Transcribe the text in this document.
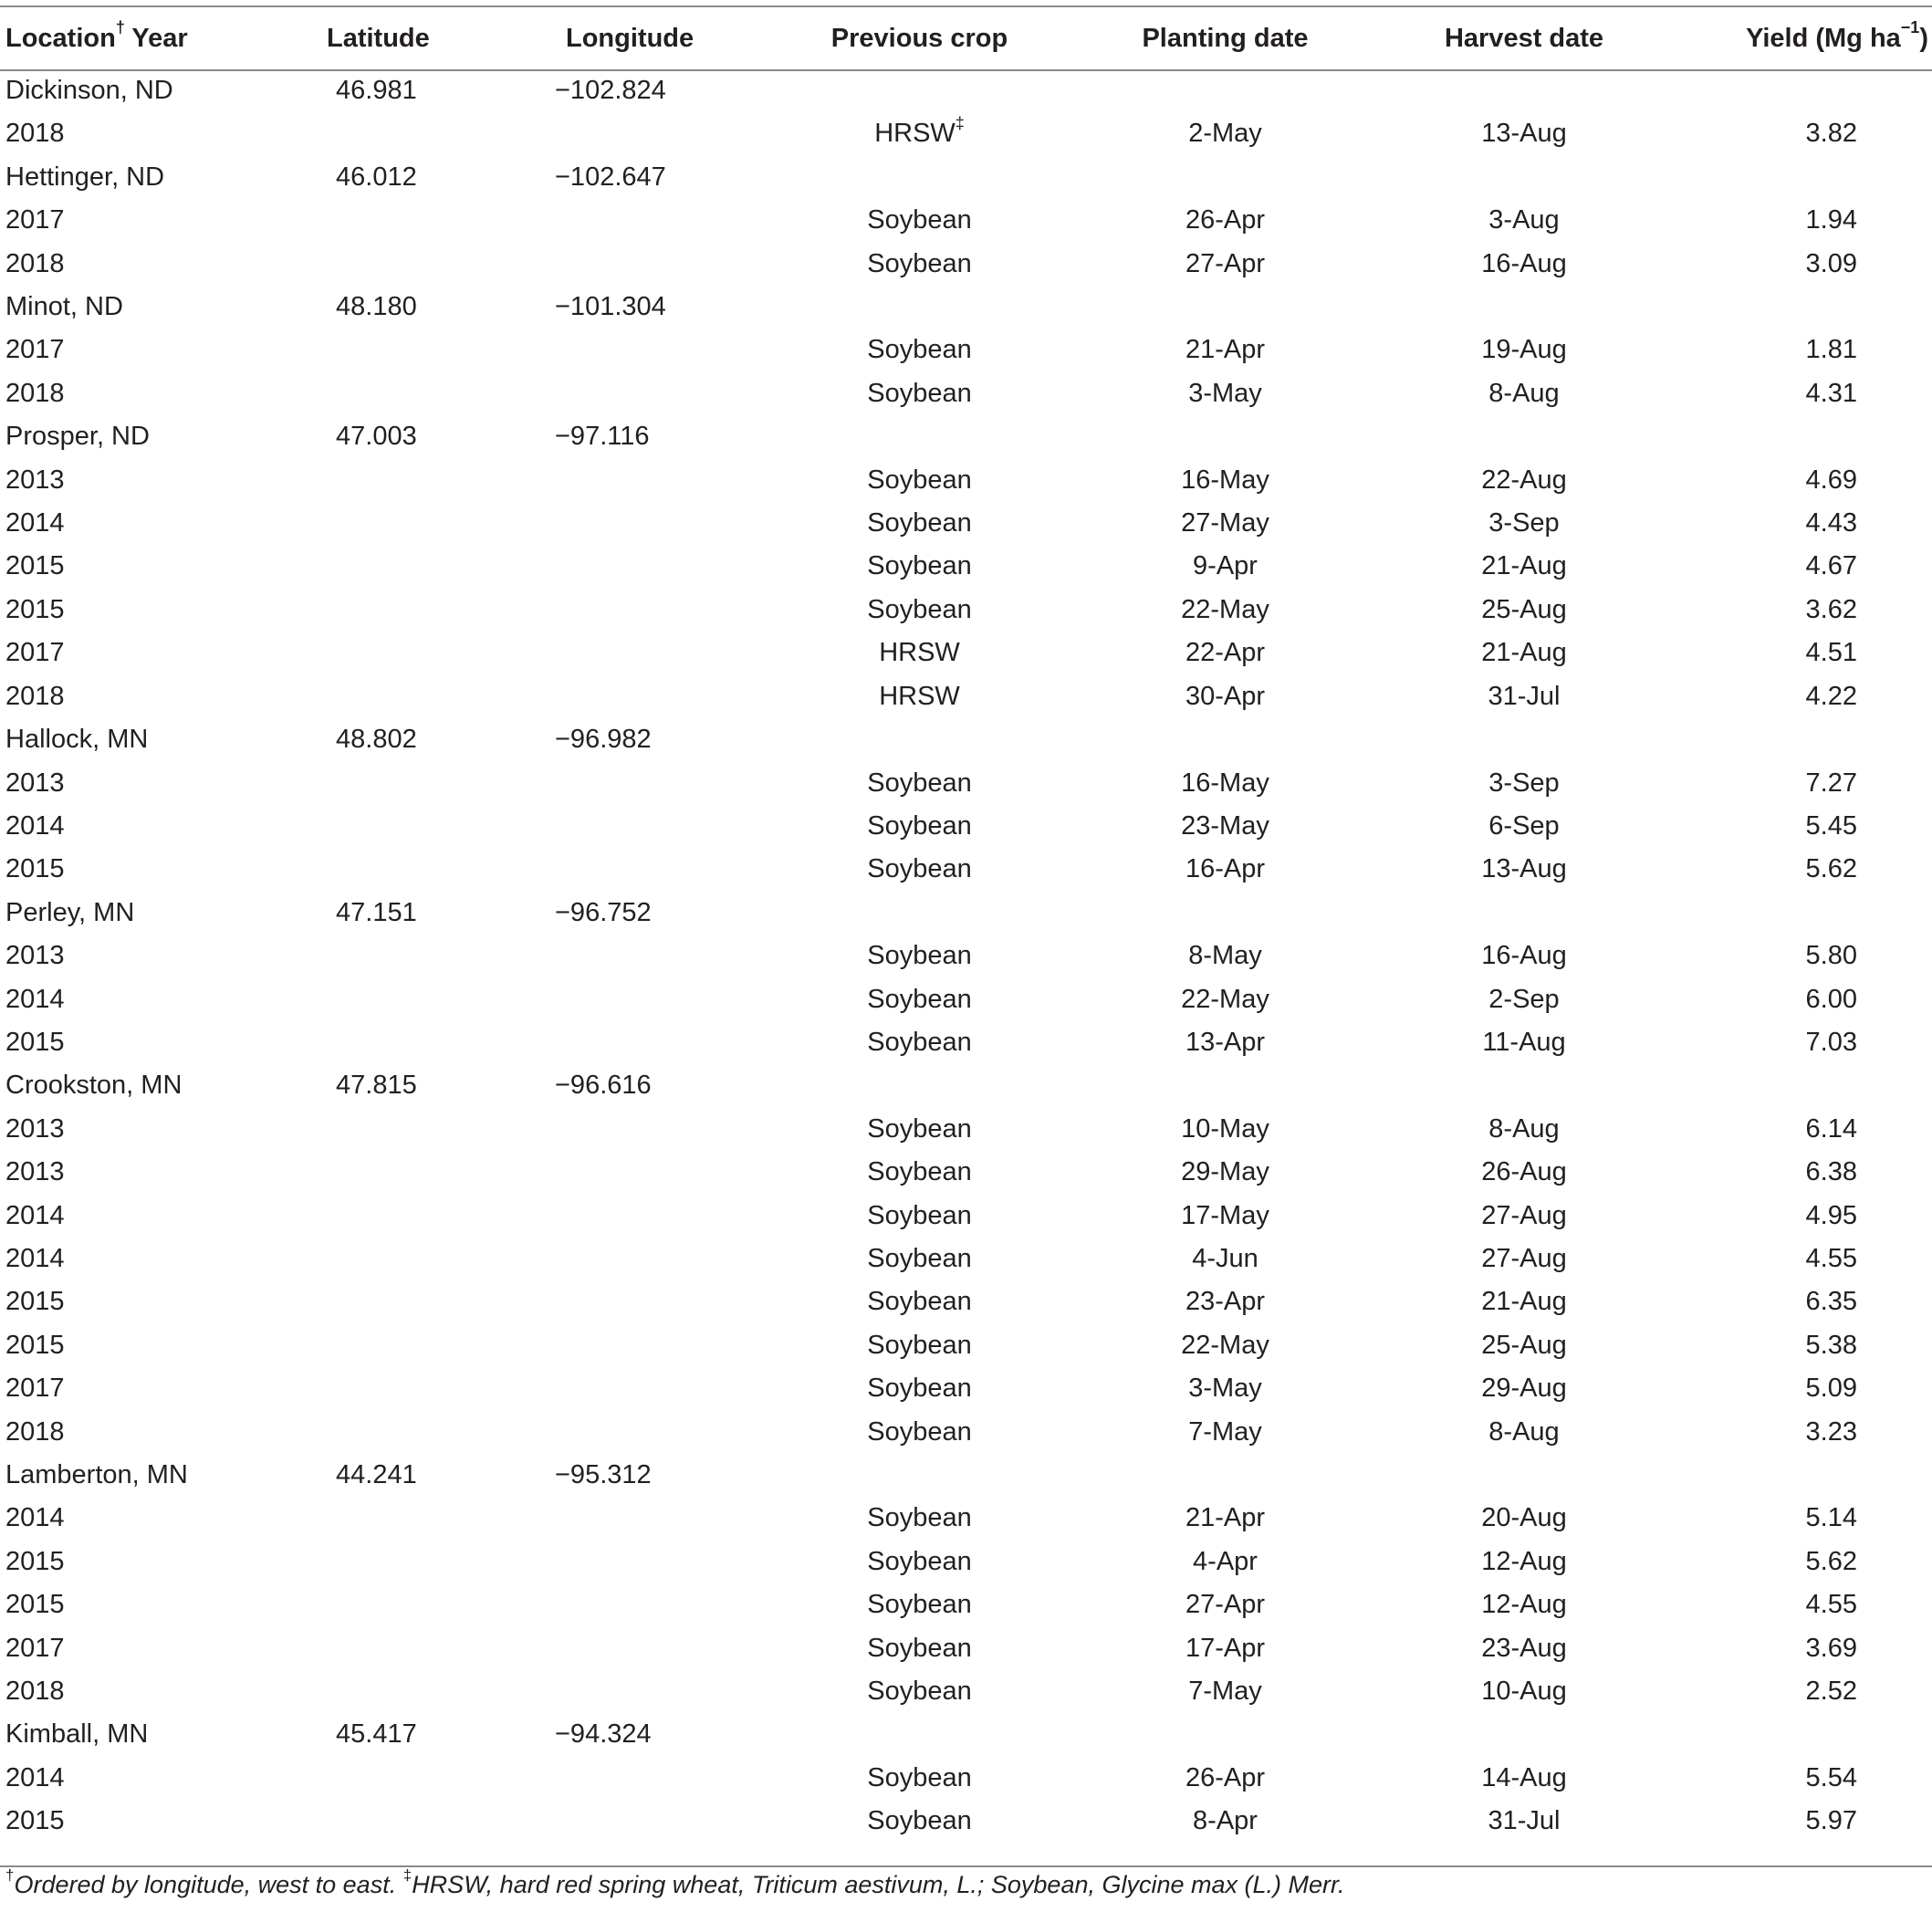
Location† Year	Latitude	Longitude	Previous crop	Planting date	Harvest date	Yield (Mg $ha^{-1}$)
Dickinson, ND	46.981	−102.824				
2018			HRSW‡	2-May	13-Aug	3.82
Hettinger, ND	46.012	−102.647				
2017			Soybean	26-Apr	3-Aug	1.94
2018			Soybean	27-Apr	16-Aug	3.09
Minot, ND	48.180	−101.304				
2017			Soybean	21-Apr	19-Aug	1.81
2018			Soybean	3-May	8-Aug	4.31
Prosper, ND	47.003	−97.116				
2013			Soybean	16-May	22-Aug	4.69
2014			Soybean	27-May	3-Sep	4.43
2015			Soybean	9-Apr	21-Aug	4.67
2015			Soybean	22-May	25-Aug	3.62
2017			HRSW	22-Apr	21-Aug	4.51
2018			HRSW	30-Apr	31-Jul	4.22
Hallock, MN	48.802	−96.982				
2013			Soybean	16-May	3-Sep	7.27
2014			Soybean	23-May	6-Sep	5.45
2015			Soybean	16-Apr	13-Aug	5.62
Perley, MN	47.151	−96.752				
2013			Soybean	8-May	16-Aug	5.80
2014			Soybean	22-May	2-Sep	6.00
2015			Soybean	13-Apr	11-Aug	7.03
Crookston, MN	47.815	−96.616				
2013			Soybean	10-May	8-Aug	6.14
2013			Soybean	29-May	26-Aug	6.38
2014			Soybean	17-May	27-Aug	4.95
2014			Soybean	4-Jun	27-Aug	4.55
2015			Soybean	23-Apr	21-Aug	6.35
2015			Soybean	22-May	25-Aug	5.38
2017			Soybean	3-May	29-Aug	5.09
2018			Soybean	7-May	8-Aug	3.23
Lamberton, MN	44.241	−95.312				
2014			Soybean	21-Apr	20-Aug	5.14
2015			Soybean	4-Apr	12-Aug	5.62
2015			Soybean	27-Apr	12-Aug	4.55
2017			Soybean	17-Apr	23-Aug	3.69
2018			Soybean	7-May	10-Aug	2.52
Kimball, MN	45.417	−94.324				
2014			Soybean	26-Apr	14-Aug	5.54
2015			Soybean	8-Apr	31-Jul	5.97
†Ordered by longitude, west to east. ‡HRSW, hard red spring wheat, Triticum aestivum, L.; Soybean, Glycine max (L.) Merr.
